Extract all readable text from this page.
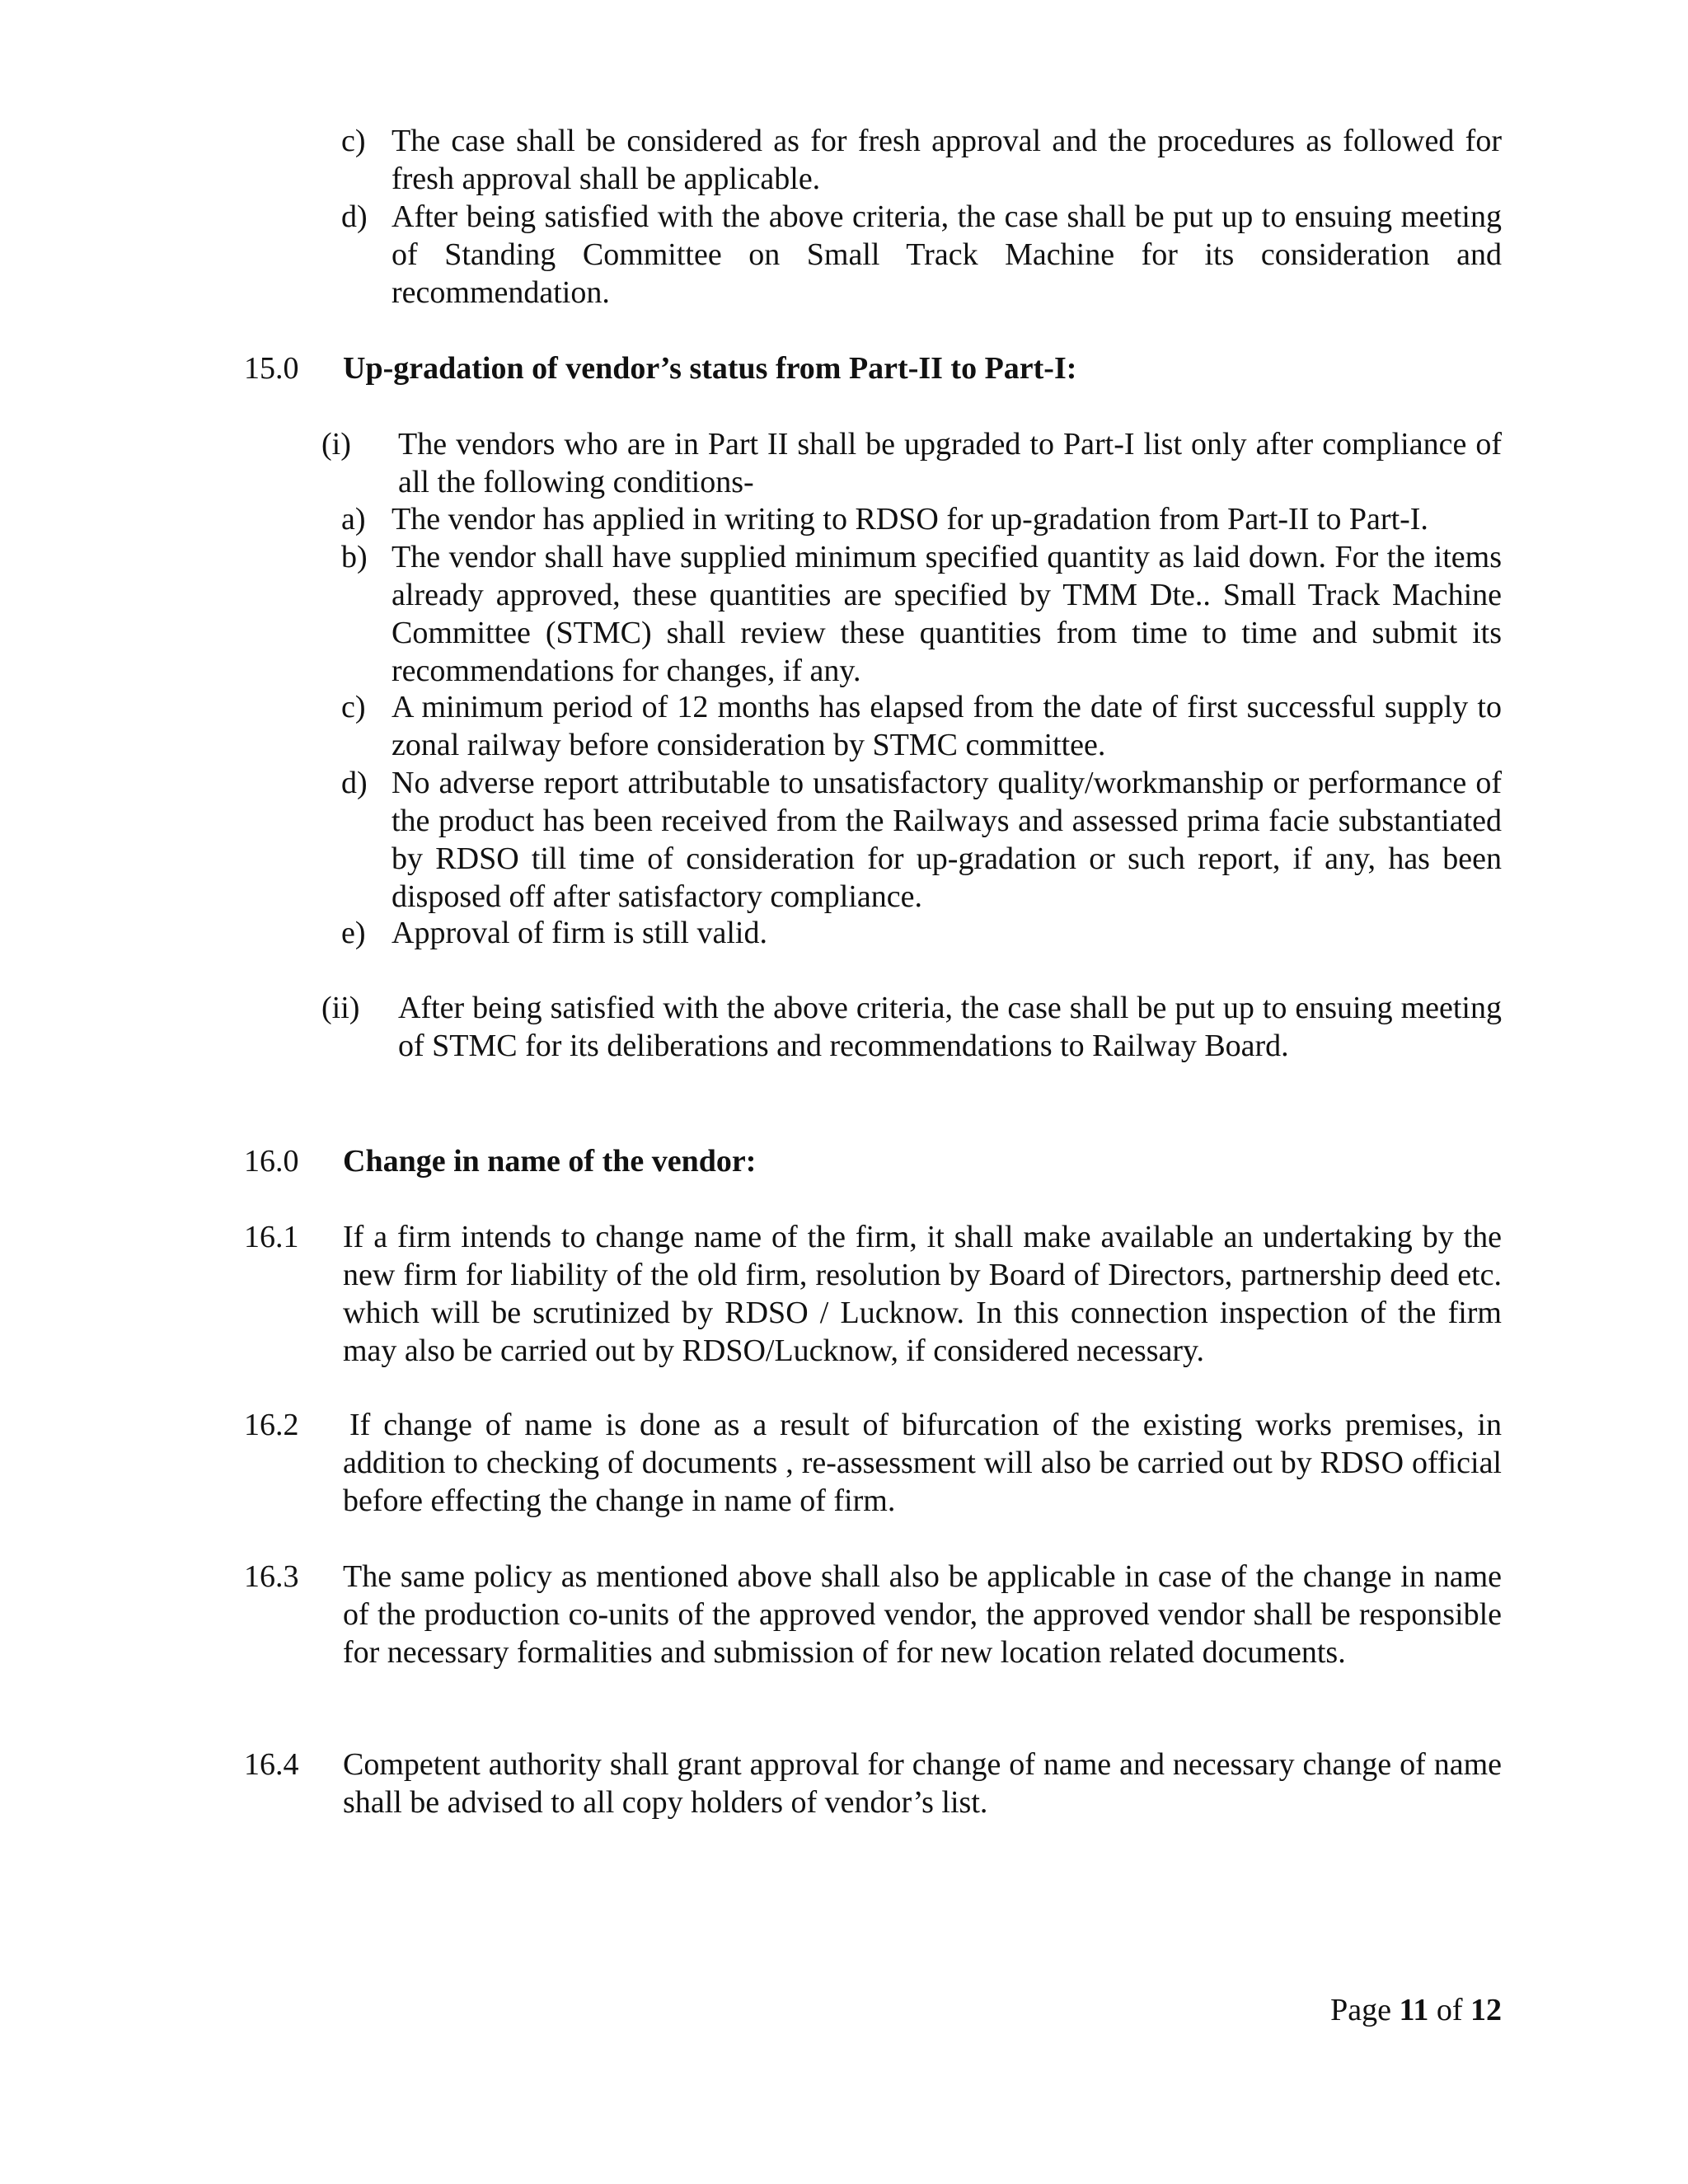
c) The case shall be considered as for fresh approval and the procedures as followed for fresh approval shall be applicable.

d) After being satisfied with the above criteria, the case shall be put up to ensuing meeting of Standing Committee on Small Track Machine for its consideration and recommendation.

15.0 Up-gradation of vendor’s status from Part-II to Part-I:
(i) The vendors who are in Part II shall be upgraded to Part-I list only after compliance of all the following conditions-

a) The vendor has applied in writing to RDSO for up-gradation from Part-II to Part-I.

b) The vendor shall have supplied minimum specified quantity as laid down. For the items already approved, these quantities are specified by TMM Dte.. Small Track Machine Committee (STMC) shall review these quantities from time to time and submit its recommendations for changes, if any.

c) A minimum period of 12 months has elapsed from the date of first successful supply to zonal railway before consideration by STMC committee.

d) No adverse report attributable to unsatisfactory quality/workmanship or performance of the product has been received from the Railways and assessed prima facie substantiated by RDSO till time of consideration for up-gradation or such report, if any, has been disposed off after satisfactory compliance.

e) Approval of firm is still valid.

(ii) After being satisfied with the above criteria, the case shall be put up to ensuing meeting of STMC for its deliberations and recommendations to Railway Board.

16.0 Change in name of the vendor:
16.1 If a firm intends to change name of the firm, it shall make available an undertaking by the new firm for liability of the old firm, resolution by Board of Directors, partnership deed etc. which will be scrutinized by RDSO / Lucknow. In this connection inspection of the firm may also be carried out by RDSO/Lucknow, if considered necessary.

16.2 If change of name is done as a result of bifurcation of the existing works premises, in addition to checking of documents , re-assessment will also be carried out by RDSO official before effecting the change in name of firm.

16.3 The same policy as mentioned above shall also be applicable in case of the change in name of the production co-units of the approved vendor, the approved vendor shall be responsible for necessary formalities and submission of for new location related documents.

16.4 Competent authority shall grant approval for change of name and necessary change of name shall be advised to all copy holders of vendor’s list.

Page 11 of 12
